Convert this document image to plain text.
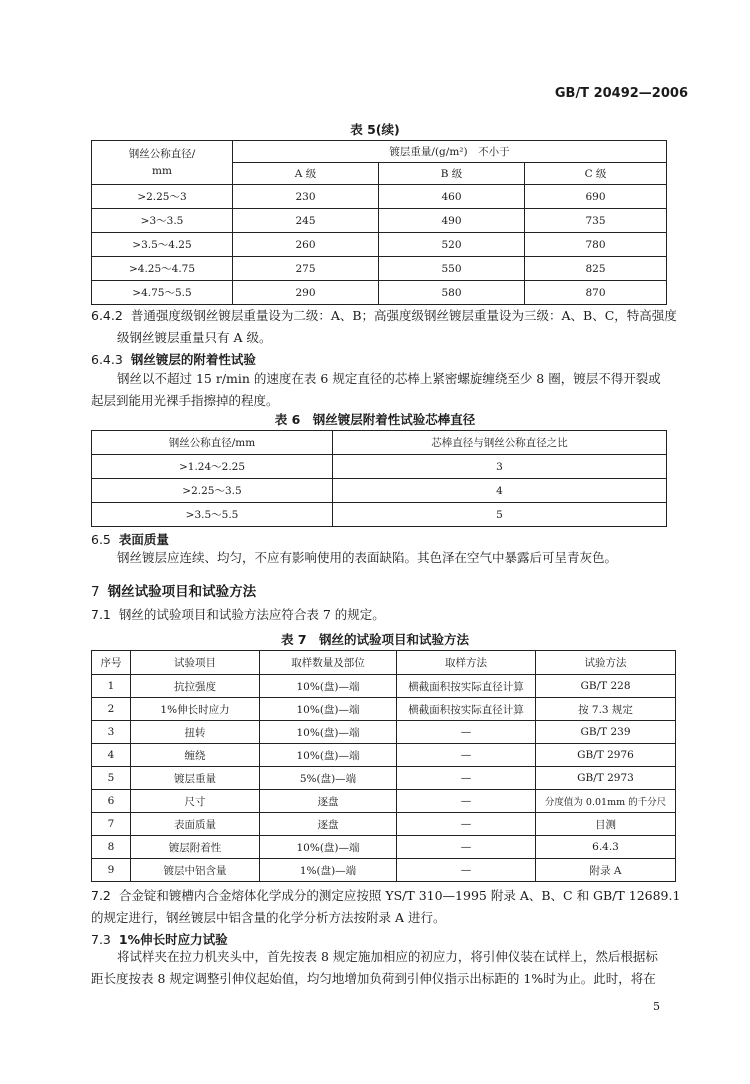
GB/T 20492—2006
表 5(续)
钢丝公称直径/
mm	镀层重量/(g/m²)　不小于		
	A 级	B 级	C 级
>2.25～3	230	460	690
>3～3.5	245	490	735
>3.5～4.25	260	520	780
>4.25～4.75	275	550	825
>4.75～5.5	290	580	870
6.4.2 普通强度级钢丝镀层重量设为二级：A、B；高强度级钢丝镀层重量设为三级：A、B、C，特高强度
级钢丝镀层重量只有 A 级。
6.4.3 钢丝镀层的附着性试验
钢丝以不超过 15 r/min 的速度在表 6 规定直径的芯棒上紧密螺旋缠绕至少 8 圈，镀层不得开裂或
起层到能用光裸手指擦掉的程度。
表 6　钢丝镀层附着性试验芯棒直径
钢丝公称直径/mm	芯棒直径与钢丝公称直径之比
>1.24～2.25	3
>2.25～3.5	4
>3.5～5.5	5
6.5 表面质量
钢丝镀层应连续、均匀，不应有影响使用的表面缺陷。其色泽在空气中暴露后可呈青灰色。
7 钢丝试验项目和试验方法
7.1 钢丝的试验项目和试验方法应符合表 7 的规定。
表 7　钢丝的试验项目和试验方法
序号	试验项目	取样数量及部位	取样方法	试验方法
1	抗拉强度	10%(盘)—端	横截面积按实际直径计算	GB/T 228
2	1%伸长时应力	10%(盘)—端	横截面积按实际直径计算	按 7.3 规定
3	扭转	10%(盘)—端	—	GB/T 239
4	缠绕	10%(盘)—端	—	GB/T 2976
5	镀层重量	5%(盘)—端	—	GB/T 2973
6	尺寸	逐盘	—	分度值为 0.01mm 的千分尺
7	表面质量	逐盘	—	目测
8	镀层附着性	10%(盘)—端	—	6.4.3
9	镀层中铝含量	1%(盘)—端	—	附录 A
7.2 合金锭和镀槽内合金熔体化学成分的测定应按照 YS/T 310—1995 附录 A、B、C 和 GB/T 12689.1
的规定进行，钢丝镀层中铝含量的化学分析方法按附录 A 进行。
7.3 1%伸长时应力试验
将试样夹在拉力机夹头中，首先按表 8 规定施加相应的初应力，将引伸仪装在试样上，然后根据标
距长度按表 8 规定调整引伸仪起始值，均匀地增加负荷到引伸仪指示出标距的 1%时为止。此时，将在
5
